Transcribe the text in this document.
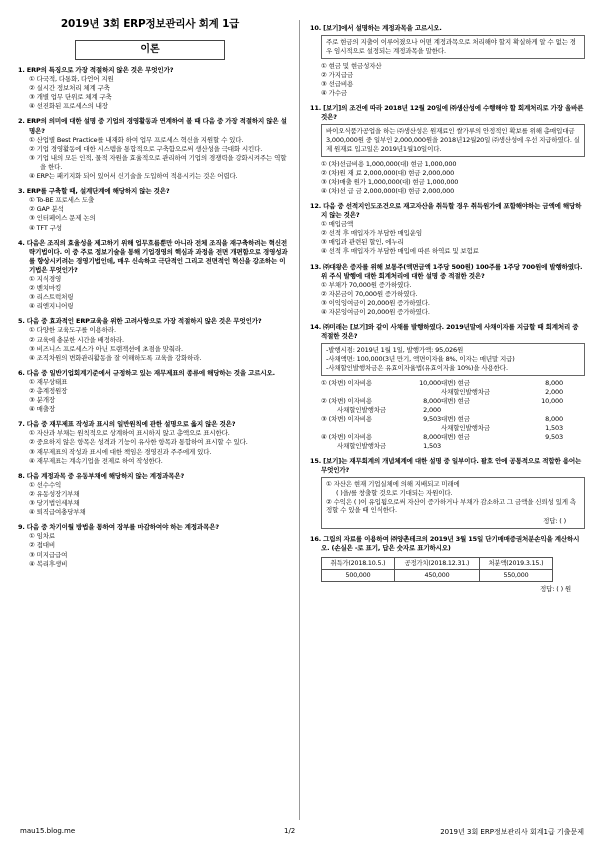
2019년 3회 ERP정보관리사 회계 1급
이론
1. ERP의 특징으로 가장 적절하지 않은 것은 무엇인가?
① 다국적, 다통화, 다언어 지원
② 실시간 정보처리 체계 구축
③ 개별 업무 단위로 체계 구축
④ 선진화된 프로세스의 내장
2. ERP의 의미에 대한 설명 중 기업의 경영활동과 연계하여 볼 때 다음 중 가장 적절하지 않은 설명은?
① 산업별 Best Practice를 내재화 하여 업무 프로세스 혁신을 지원할 수 있다.
② 기업 경영활동에 대한 시스템을 통합적으로 구축함으로써 생산성을 극대화 시킨다.
③ 기업 내의 모든 인적, 물적 자원을 효율적으로 관리하여 기업의 경쟁력을 강화시켜주는 역할을 한다.
④ ERP는 패키지화 되어 있어서 신기술을 도입하여 적용시키는 것은 어렵다.
3. ERP를 구축할 때, 설계단계에 해당하지 않는 것은?
① To-BE 프로세스 도출
② GAP 분석
③ 인터페이스 문제 논의
④ TFT 구성
4. 다음은 조직의 효율성을 제고하기 위해 업무흐름뿐만 아니라 전체 조직을 재구축하려는 혁신전략기법이다. 이 중 주로 정보기술을 통해 기업경영의 핵심과 과정을 전면 개편함으로 경영성과를 향상시키려는 경영기법인데, 매우 신속하고 극단적인 그리고 전면적인 혁신을 강조하는 이 기법은 무엇인가?
① 지식경영
② 벤치마킹
③ 리스트럭처링
④ 리엔지니어링
5. 다음 중 효과적인 ERP교육을 위한 고려사항으로 가장 적절하지 않은 것은 무엇인가?
① 다양한 교육도구를 이용하라.
② 교육에 충분한 시간을 배정하라.
③ 비즈니스 프로세스가 아닌 트랜잭션에 초점을 맞춰라.
④ 조직차원의 변화관리활동을 잘 이해하도록 교육을 강화하라.
6. 다음 중 일반기업회계기준에서 규정하고 있는 재무제표의 종류에 해당하는 것을 고르시오.
① 재무상태표
② 총계정원장
③ 분개장
④ 매출장
7. 다음 중 재무제표 작성과 표시의 일반원칙에 관한 설명으로 옳지 않은 것은?
① 자산과 부채는 원칙적으로 상계하여 표시하지 않고 총액으로 표시한다.
② 중요하지 않은 항목은 성격과 기능이 유사한 항목과 통합하여 표시할 수 있다.
③ 재무제표의 작성과 표시에 대한 책임은 경영진과 주주에게 있다.
④ 재무제표는 계속기업을 전제로 하여 작성한다.
8. 다음 계정과목 중 유동부채에 해당하지 않는 계정과목은?
① 선수수익
② 유동성장기부채
③ 당기법인세부채
④ 퇴직급여충당부채
9. 다음 중 차기이월 방법을 통하여 장부를 마감하여야 하는 계정과목은?
① 임차료
② 접대비
③ 미지급급여
④ 복리후생비
10. [보기]에서 설명하는 계정과목을 고르시오.
주로 현금의 지출이 이루어졌으나 어떤 계정과목으로 처리해야 할지 확실하게 알 수 없는 경우 임시적으로 설정되는 계정과목을 말한다.
① 현금 및 현금성자산
② 가지급금
③ 선급비용
④ 가수금
11. [보기]의 조건에 따라 2018년 12월 20일에 ㈜생산성에 수행해야 할 회계처리로 가장 올바른 것은?
바이오식품가공업을 하는 ㈜생산성은 원재료인 쌀가루의 안정적인 확보를 위해 총매입대금 3,000,000원 중 일부인 2,000,000원을 2018년12월20일 ㈜생산성에 우선 지급하였다. 실제 원재료 입고일은 2019년1월10일이다.
① (차)선급비용 1,000,000(대) 현금 1,000,000
② (차)원 재 료 2,000,000(대) 현금 2,000,000
③ (차)매출 원가 1,000,000(대) 현금 1,000,000
④ (차)선 급 금 2,000,000(대) 현금 2,000,000
12. 다음 중 선적지인도조건으로 재고자산을 취득할 경우 취득원가에 포함해야하는 금액에 해당하지 않는 것은?
① 매입금액
② 선적 후 매입자가 부담한 매입운임
③ 매입과 관련된 할인, 에누리
④ 선적 후 매입자가 부담한 매입에 따른 하역료 및 보험료
13. ㈜대왕은 증자를 위해 보통주(액면금액 1주당 500원) 100주를 1주당 700원에 발행하였다. 위 주식 발행에 대한 회계처리에 대한 설명 중 적절한 것은?
① 부채가 70,000원 증가하였다.
② 자본금이 70,000원 증가하였다.
③ 이익잉여금이 20,000원 증가하였다.
④ 자본잉여금이 20,000원 증가하였다.
14. ㈜미래는 [보기]와 같이 사채를 발행하였다. 2019년말에 사채이자를 지급할 때 회계처리 중 적절한 것은?
-발행시점: 2019년 1월 1일, 발행가액: 95,026원
-사채액면: 100,000(3년 만기, 액면이자율 8%, 이자는 매년말 지급)
-사채할인발행차금은 유효이자율법(유효이자율 10%)을 사용한다.
① (차변) 이자비용	10,000 대변) 현금	8,000
사채할인발행차금	2,000
② (차변) 이자비용	8,000 대변) 현금	10,000
사채할인발행차금	2,000
③ (차변) 이자비용	9,503 대변) 현금	8,000
사채할인발행차금	1,503
④ (차변) 이자비용	8,000 대변) 현금	9,503
사채할인발행차금	1,503
15. [보기]는 재무회계의 개념체계에 대한 설명 중 일부이다. 괄호 안에 공통적으로 적합한 용어는 무엇인가?
① 자산은 현재 기업실체에 의해 지배되고 미래에
( )을/를 창출할 것으로 기대되는 자원이다.
② 수익은 ( )이 유입됨으로써 자산이 증가하거나 부채가 감소하고 그 금액을 신뢰성 있게 측정할 수 있을 때 인식한다.
정답: ( )
16. 그림의 자료를 이용하여 ㈜양촌테크의 2019년 3월 15일 단기매매증권처분손익을 계산하시오. (손실은 -로 표기, 답은 숫자로 표기하시오)
취득가(2018.10.5.)	공정가치(2018.12.31.)	처분액(2019.3.15.)
500,000	450,000	550,000
정답: ( ) 원
mau15.blog.me	1/2	2019년 3회 ERP정보관리사 회계1급 기출문제
